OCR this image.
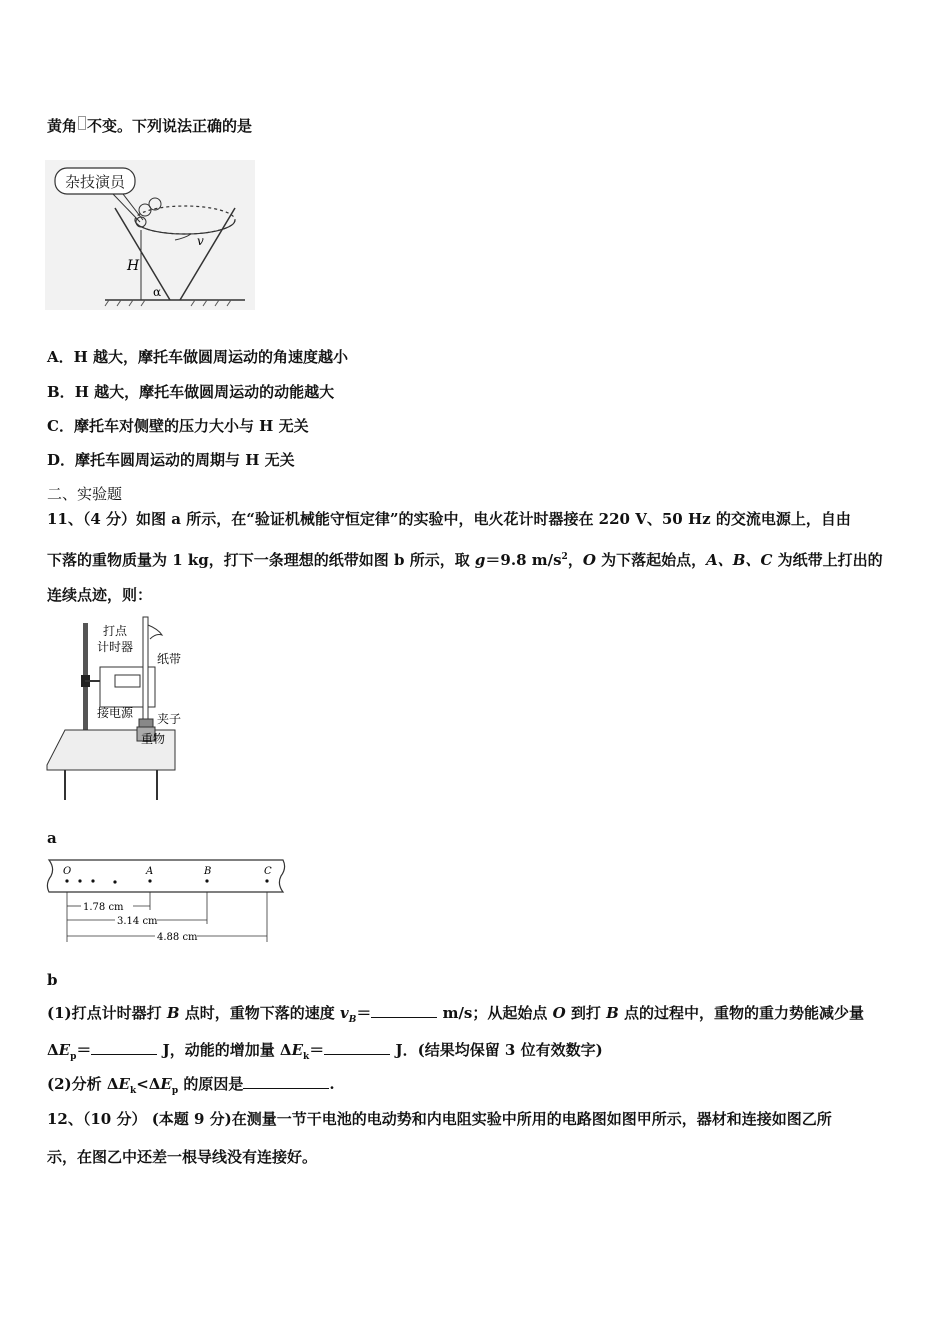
黄角 不变。下列说法正确的是
杂技演员
v
H
α
A．H 越大，摩托车做圆周运动的角速度越小
B．H 越大，摩托车做圆周运动的动能越大
C．摩托车对侧壁的压力大小与 H 无关
D．摩托车圆周运动的周期与 H 无关
二、实验题
11、（4 分）如图 a 所示，在“验证机械能守恒定律”的实验中，电火花计时器接在 220 V、50 Hz 的交流电源上，自由
下落的重物质量为 1 kg，打下一条理想的纸带如图 b 所示，取 g＝9.8 $m/s^2$，O 为下落起始点，A、B、C 为纸带上打出的
连续点迹，则：
打点
计时器
纸带
接电源 夹子
重物
a
O	A	B	C
1.78 cm
3.14 cm
4.88 cm
b
(1)打点计时器打 B 点时，重物下落的速度 $v_B=$	m/s；从起始点 O 到打 B 点的过程中，重物的重力势能减少量
$\Delta E_p=$	J，动能的增加量 $\Delta E_k=$	J．(结果均保留 3 位有效数字)
(2)分析 $\Delta E_k<\Delta E_p$ 的原因是	.
12、（10 分） (本题 9 分)在测量一节干电池的电动势和内电阻实验中所用的电路图如图甲所示，器材和连接如图乙所
示，在图乙中还差一根导线没有连接好。
